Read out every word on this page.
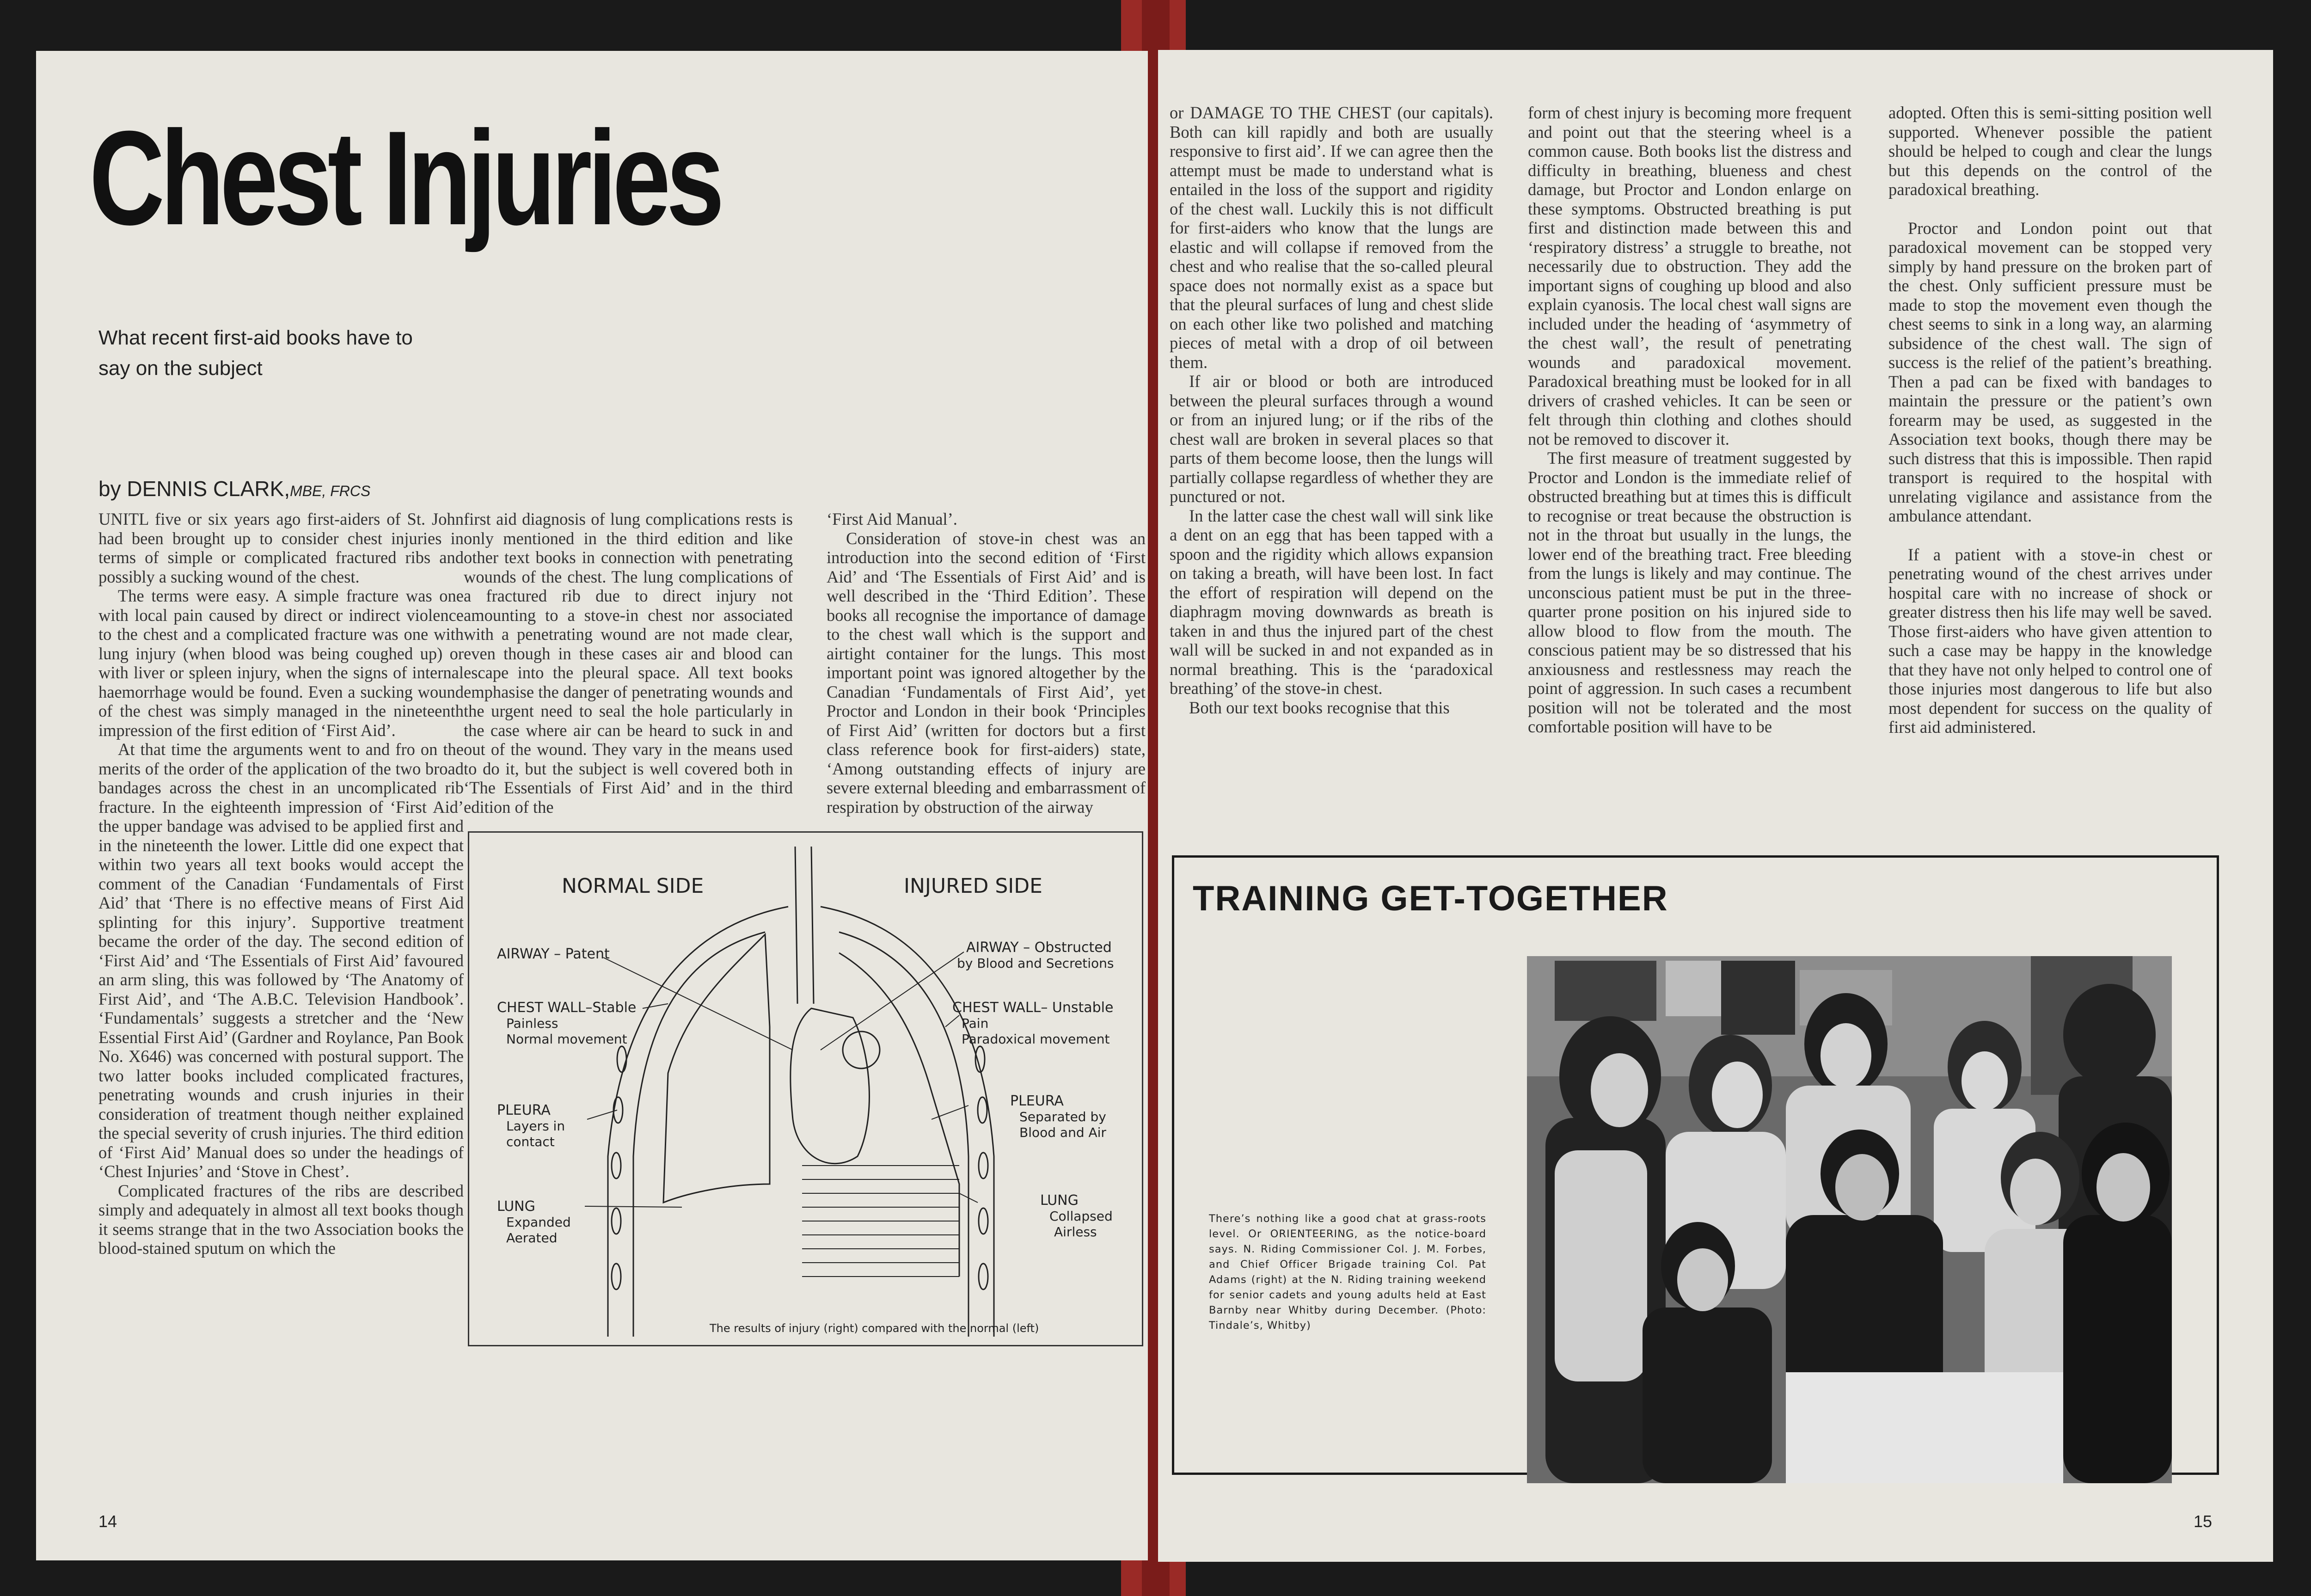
Chest Injuries
What recent first-aid books have to say on the subject
by DENNIS CLARK,MBE, FRCS

UNITL five or six years ago first-aiders of St. John had been brought up to consider chest injuries in terms of simple or complicated fractured ribs and possibly a sucking wound of the chest.

The terms were easy. A simple fracture was one with local pain caused by direct or indirect violence to the chest and a complicated fracture was one with lung injury (when blood was being coughed up) or with liver or spleen injury, when the signs of internal haemorrhage would be found. Even a sucking wound of the chest was simply managed in the nineteenth impression of the first edition of ‘First Aid’.

At that time the arguments went to and fro on the merits of the order of the application of the two broad bandages across the chest in an uncomplicated rib fracture. In the eighteenth impression of ‘First Aid’ the upper bandage was advised to be applied first and in the nineteenth the lower. Little did one expect that within two years all text books would accept the comment of the Canadian ‘Fundamentals of First Aid’ that ‘There is no effective means of First Aid splinting for this injury’. Supportive treatment became the order of the day. The second edition of ‘First Aid’ and ‘The Essentials of First Aid’ favoured an arm sling, this was followed by ‘The Anatomy of First Aid’, and ‘The A.B.C. Television Handbook’. ‘Fundamentals’ suggests a stretcher and the ‘New Essential First Aid’ (Gardner and Roylance, Pan Book No. X646) was concerned with postural support. The two latter books included complicated fractures, penetrating wounds and crush injuries in their consideration of treatment though neither explained the special severity of crush injuries. The third edition of ‘First Aid’ Manual does so under the headings of ‘Chest Injuries’ and ‘Stove in Chest’.

Complicated fractures of the ribs are described simply and adequately in almost all text books though it seems strange that in the two Association books the blood-stained sputum on which the

first aid diagnosis of lung complications rests is only mentioned in the third edition and like other text books in connection with penetrating wounds of the chest. The lung complications of a fractured rib due to direct injury not amounting to a stove-in chest nor associated with a penetrating wound are not made clear, even though in these cases air and blood can escape into the pleural space. All text books emphasise the danger of penetrating wounds and the urgent need to seal the hole particularly in the case where air can be heard to suck in and out of the wound. They vary in the means used to do it, but the subject is well covered both in ‘The Essentials of First Aid’ and in the third edition of the

‘First Aid Manual’.

Consideration of stove-in chest was an introduction into the second edition of ‘First Aid’ and ‘The Essentials of First Aid’ and is well described in the ‘Third Edition’. These books all recognise the importance of damage to the chest wall which is the support and airtight container for the lungs. This most important point was ignored altogether by the Canadian ‘Fundamentals of First Aid’, yet Proctor and London in their book ‘Principles of First Aid’ (written for doctors but a first class reference book for first-aiders) state, ‘Among outstanding effects of injury are severe external bleeding and embarrassment of respiration by obstruction of the airway

14
NORMAL SIDE	INJURED SIDE
AIRWAY – Patent
CHEST WALL–Stable
Painless
Normal movement
PLEURA
Layers in
contact
LUNG
Expanded
Aerated
AIRWAY – Obstructed
by Blood and Secretions
CHEST WALL– Unstable
Pain
Paradoxical movement
PLEURA
Separated by
Blood and Air
LUNG
Collapsed
Airless
The results of injury (right) compared with the normal (left)

or DAMAGE TO THE CHEST (our capitals). Both can kill rapidly and both are usually responsive to first aid’. If we can agree then the attempt must be made to understand what is entailed in the loss of the support and rigidity of the chest wall. Luckily this is not difficult for first-aiders who know that the lungs are elastic and will collapse if removed from the chest and who realise that the so-called pleural space does not normally exist as a space but that the pleural surfaces of lung and chest slide on each other like two polished and matching pieces of metal with a drop of oil between them.

If air or blood or both are introduced between the pleural surfaces through a wound or from an injured lung; or if the ribs of the chest wall are broken in several places so that parts of them become loose, then the lungs will partially collapse regardless of whether they are punctured or not.

In the latter case the chest wall will sink like a dent on an egg that has been tapped with a spoon and the rigidity which allows expansion on taking a breath, will have been lost. In fact the effort of respiration will depend on the diaphragm moving downwards as breath is taken in and thus the injured part of the chest wall will be sucked in and not expanded as in normal breathing. This is the ‘paradoxical breathing’ of the stove-in chest.

Both our text books recognise that this

form of chest injury is becoming more frequent and point out that the steering wheel is a common cause. Both books list the distress and difficulty in breathing, blueness and chest damage, but Proctor and London enlarge on these symptoms. Obstructed breathing is put first and distinction made between this and ‘respiratory distress’ a struggle to breathe, not necessarily due to obstruction. They add the important signs of coughing up blood and also explain cyanosis. The local chest wall signs are included under the heading of ‘asymmetry of the chest wall’, the result of penetrating wounds and paradoxical movement. Paradoxical breathing must be looked for in all drivers of crashed vehicles. It can be seen or felt through thin clothing and clothes should not be removed to discover it.

The first measure of treatment suggested by Proctor and London is the immediate relief of obstructed breathing but at times this is difficult to recognise or treat because the obstruction is not in the throat but usually in the lungs, the lower end of the breathing tract. Free bleeding from the lungs is likely and may continue. The unconscious patient must be put in the three-quarter prone position on his injured side to allow blood to flow from the mouth. The conscious patient may be so distressed that his anxiousness and restlessness may reach the point of aggression. In such cases a recumbent position will not be tolerated and the most comfortable position will have to be

adopted. Often this is semi-sitting position well supported. Whenever possible the patient should be helped to cough and clear the lungs but this depends on the control of the paradoxical breathing.

Proctor and London point out that paradoxical movement can be stopped very simply by hand pressure on the broken part of the chest. Only sufficient pressure must be made to stop the movement even though the chest seems to sink in a long way, an alarming subsidence of the chest wall. The sign of success is the relief of the patient’s breathing. Then a pad can be fixed with bandages to maintain the pressure or the patient’s own forearm may be used, as suggested in the Association text books, though there may be such distress that this is impossible. Then rapid transport is required to the hospital with unrelating vigilance and assistance from the ambulance attendant.

If a patient with a stove-in chest or penetrating wound of the chest arrives under hospital care with no increase of shock or greater distress then his life may well be saved. Those first-aiders who have given attention to such a case may be happy in the knowledge that they have not only helped to control one of those injuries most dangerous to life but also most dependent for success on the quality of first aid administered.

15
TRAINING GET-TOGETHER
There’s nothing like a good chat at grass-roots level. Or ORIENTEERING, as the notice-board says. N. Riding Commissioner Col. J. M. Forbes, and Chief Officer Brigade training Col. Pat Adams (right) at the N. Riding training weekend for senior cadets and young adults held at East Barnby near Whitby during December. (Photo: Tindale’s, Whitby)
